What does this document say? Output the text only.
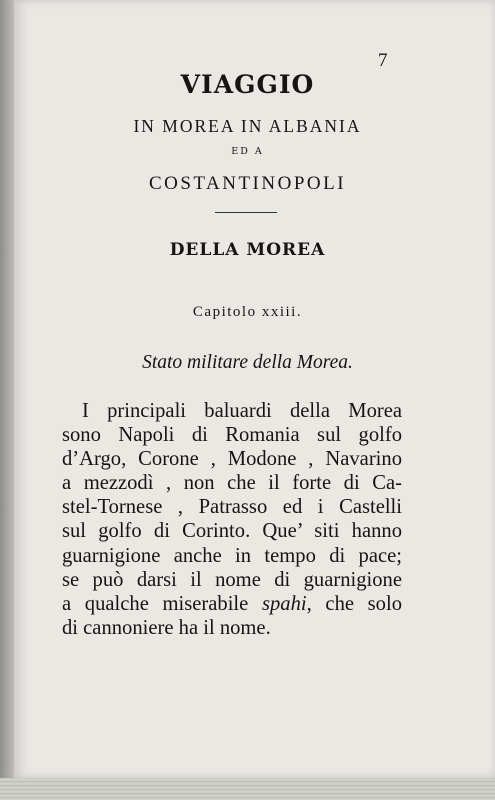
7
VIAGGIO
IN MOREA IN ALBANIA
ED A
COSTANTINOPOLI
DELLA MOREA
Capitolo xxiii.
Stato militare della Morea.
I principali baluardi della Morea
sono Napoli di Romania sul golfo
d’Argo, Corone , Modone , Navarino
a mezzodì , non che il forte di Ca-
stel-Tornese , Patrasso ed i Castelli
sul golfo di Corinto. Que’ siti hanno
guarnigione anche in tempo di pace;
se può darsi il nome di guarnigione
a qualche miserabile spahi, che solo
di cannoniere ha il nome.
